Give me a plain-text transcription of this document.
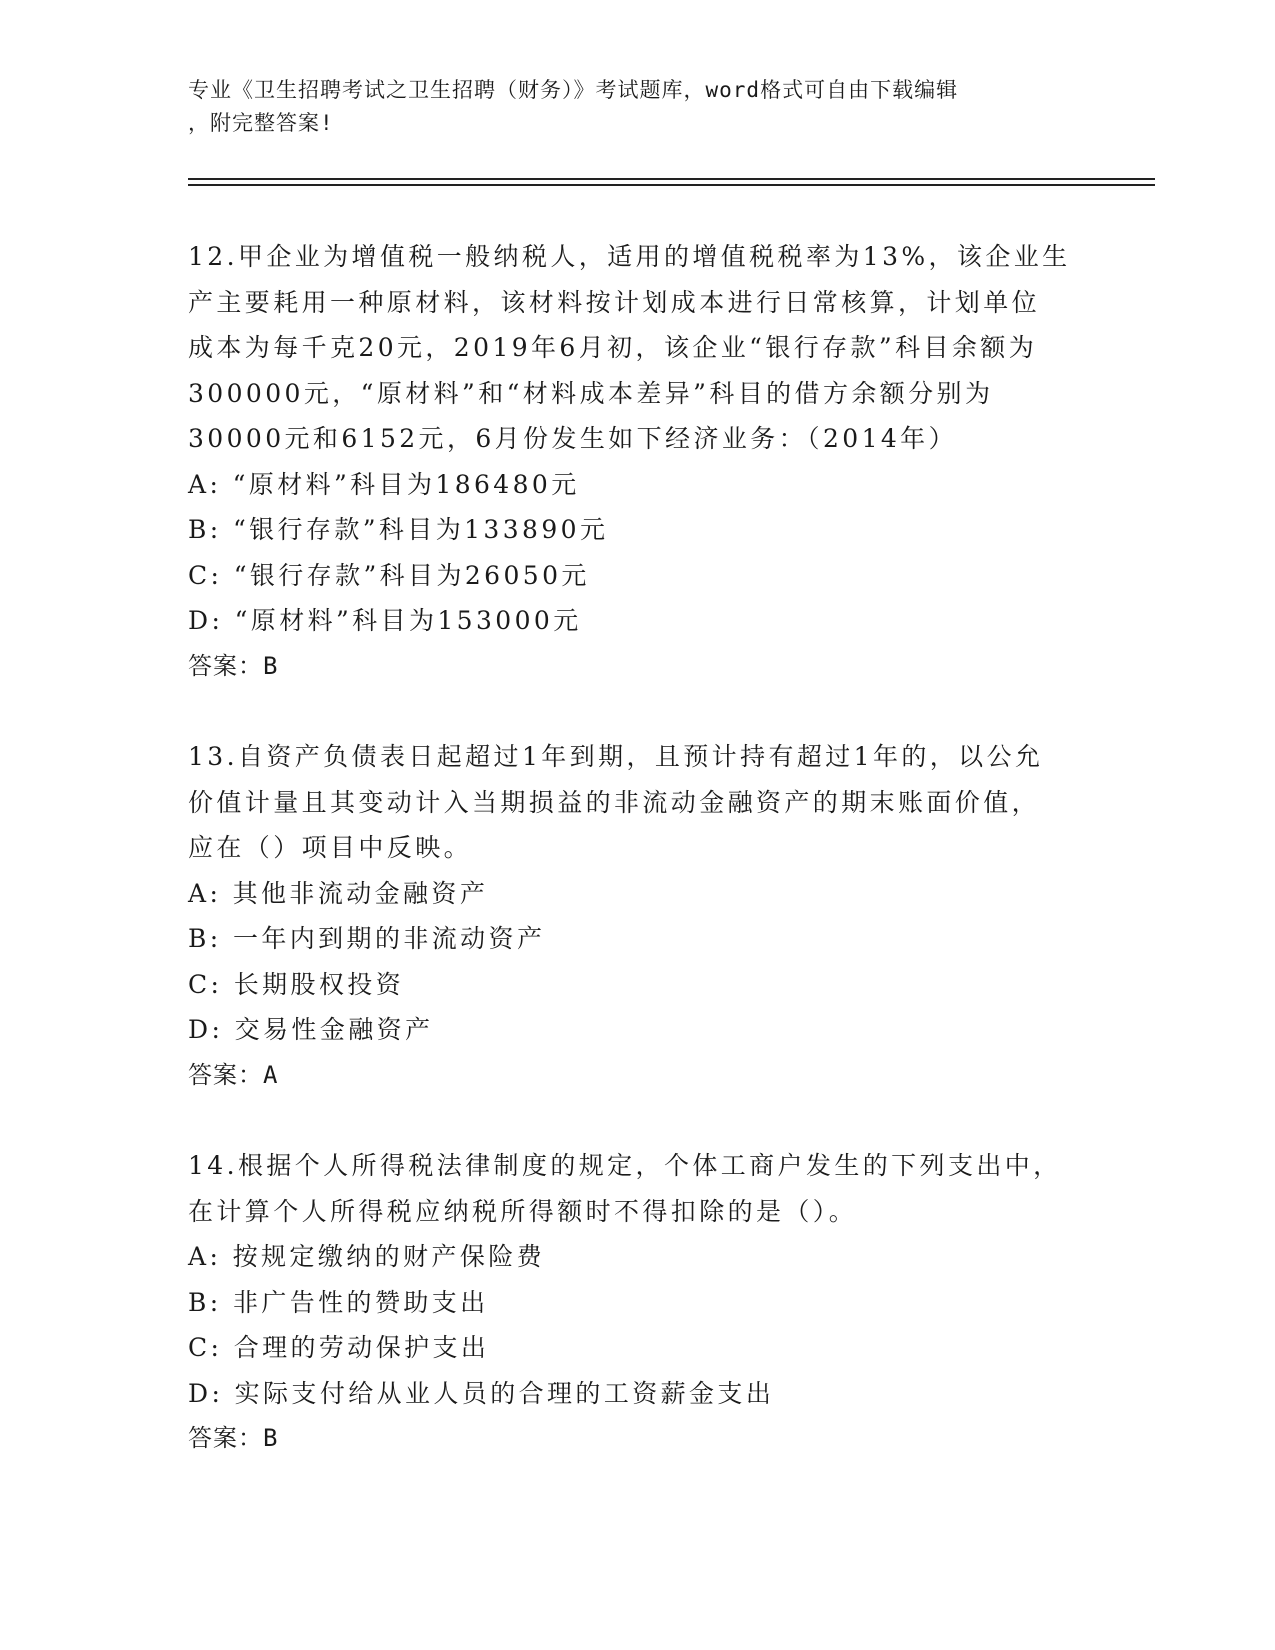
专业《卫生招聘考试之卫生招聘（财务）》考试题库，word格式可自由下载编辑
，附完整答案!
12.甲企业为增值税一般纳税人，适用的增值税税率为13%，该企业生
产主要耗用一种原材料，该材料按计划成本进行日常核算，计划单位
成本为每千克20元，2019年6月初，该企业“银行存款”科目余额为
300000元，“原材料”和“材料成本差异”科目的借方余额分别为
30000元和6152元，6月份发生如下经济业务：（2014年）
A: “原材料”科目为186480元
B: “银行存款”科目为133890元
C: “银行存款”科目为26050元
D: “原材料”科目为153000元
答案：B
13.自资产负债表日起超过1年到期，且预计持有超过1年的，以公允
价值计量且其变动计入当期损益的非流动金融资产的期末账面价值，
应在（）项目中反映。
A: 其他非流动金融资产
B: 一年内到期的非流动资产
C: 长期股权投资
D: 交易性金融资产
答案：A
14.根据个人所得税法律制度的规定，个体工商户发生的下列支出中，
在计算个人所得税应纳税所得额时不得扣除的是（）。
A: 按规定缴纳的财产保险费
B: 非广告性的赞助支出
C: 合理的劳动保护支出
D: 实际支付给从业人员的合理的工资薪金支出
答案：B
